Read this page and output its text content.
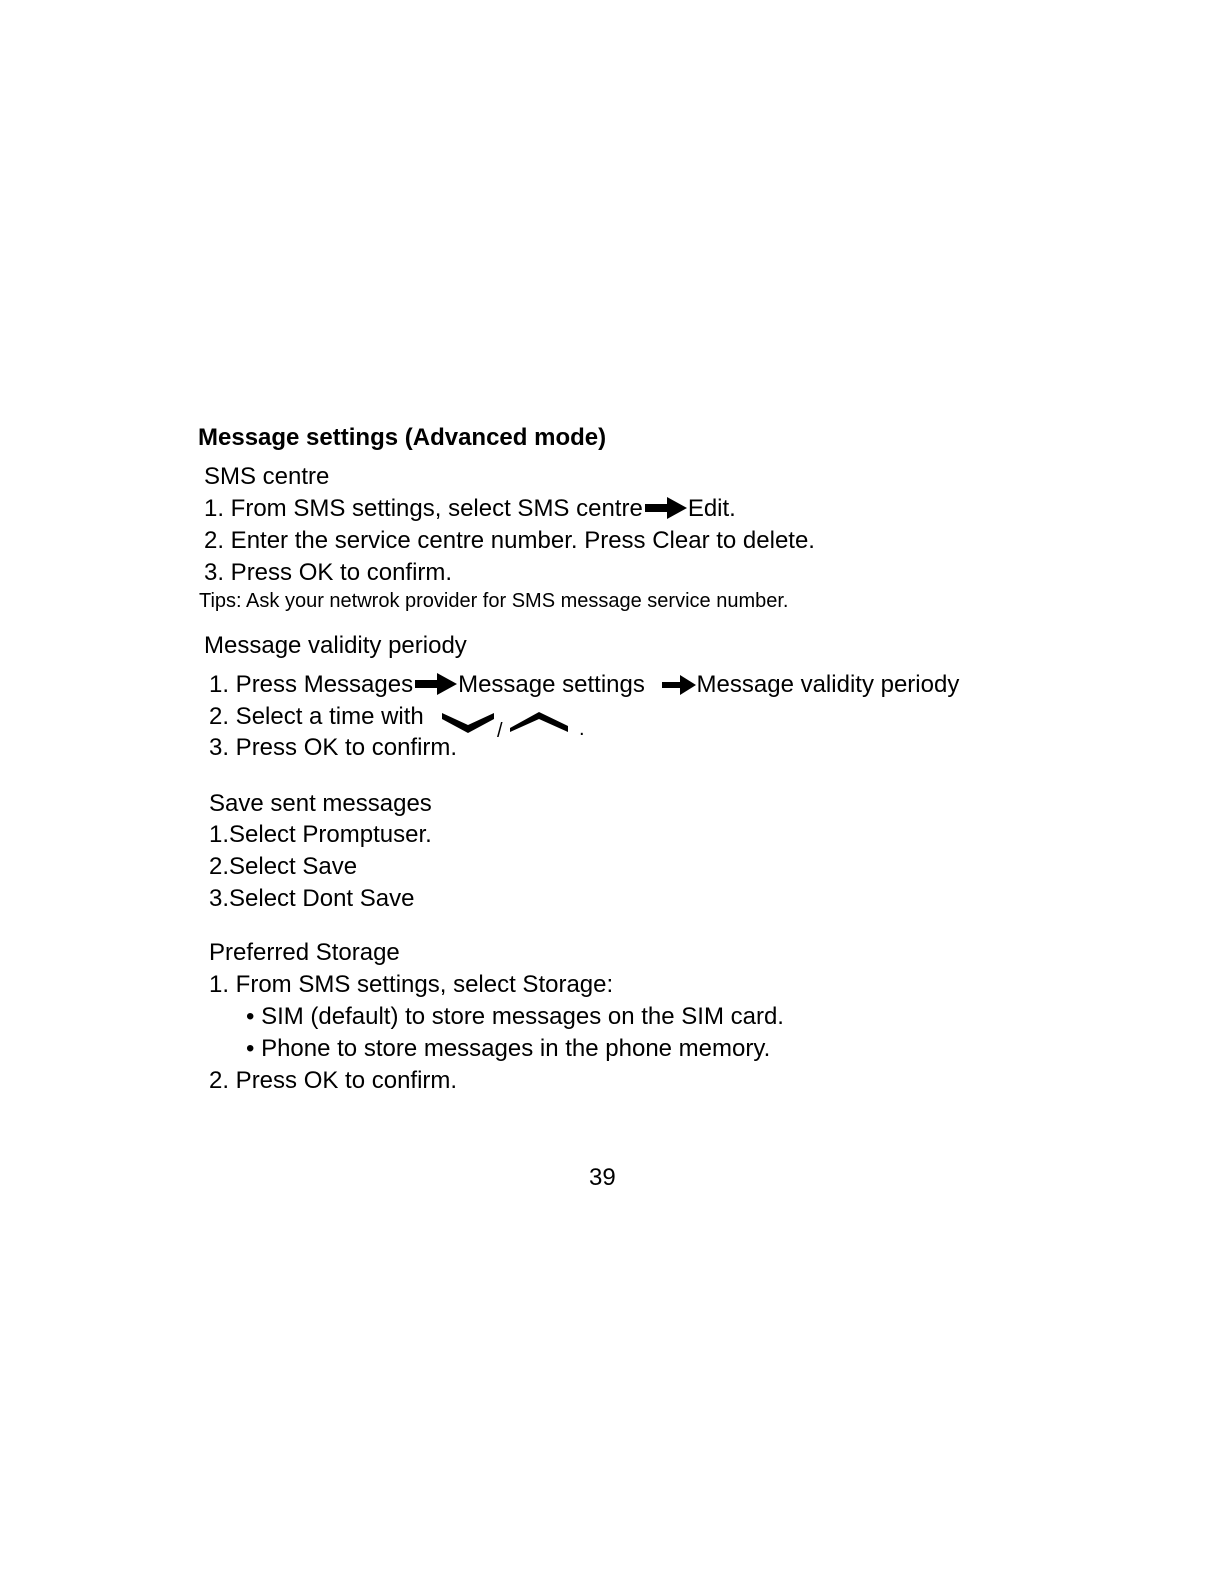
Message settings (Advanced mode)
SMS centre
1. From SMS settings, select SMS centre Edit.
2. Enter the service centre number. Press Clear to delete.
3. Press OK to confirm.
Tips: Ask your netwrok provider for SMS message service number.
Message validity periody
1. Press Messages Message settings Message validity periody
2. Select a time with
/	.
3. Press OK to confirm.
Save sent messages
1.Select Promptuser.
2.Select Save
3.Select Dont Save
Preferred Storage
1. From SMS settings, select Storage:
• SIM (default) to store messages on the SIM card.
• Phone to store messages in the phone memory.
2. Press OK to confirm.
39
